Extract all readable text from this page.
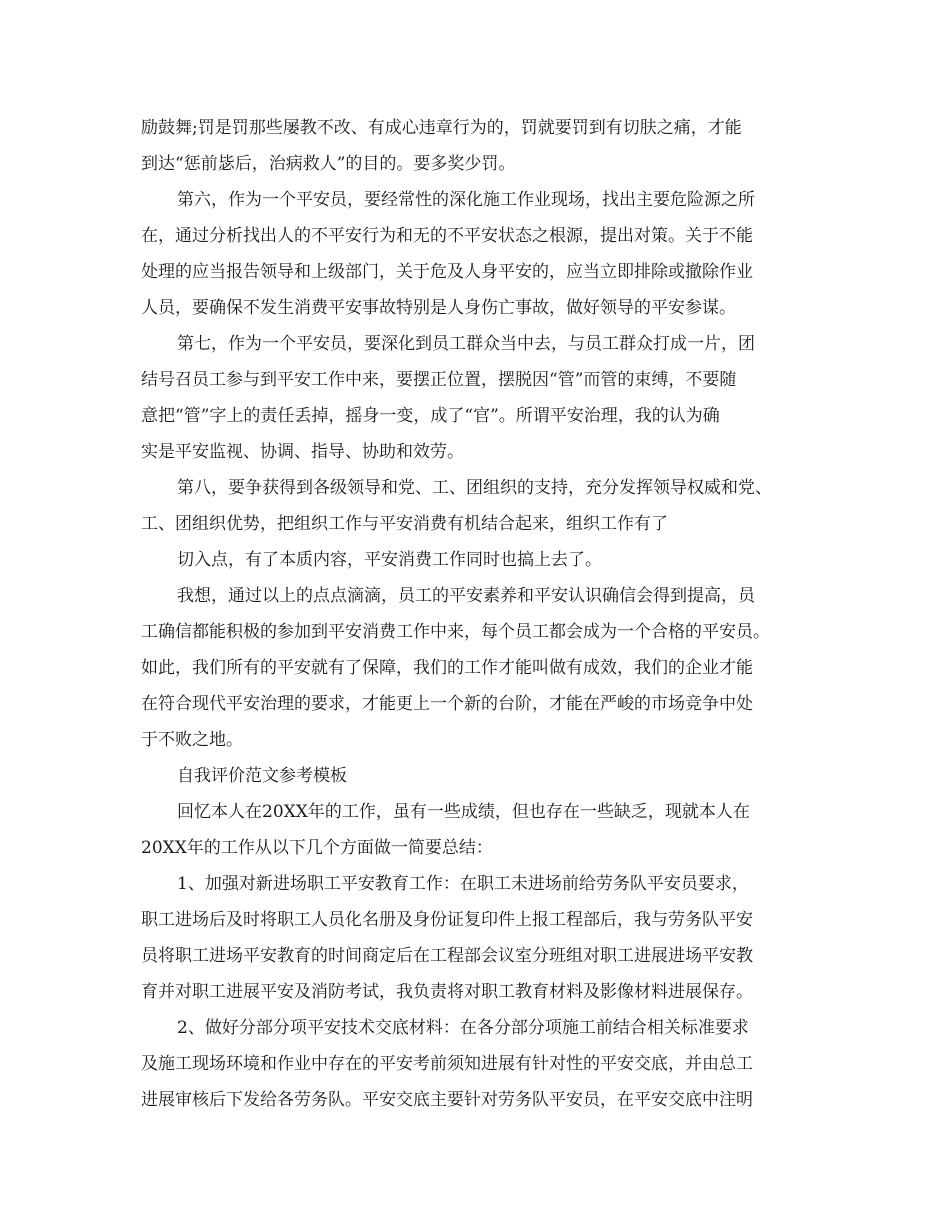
励鼓舞;罚是罚那些屡教不改、有成心违章行为的，罚就要罚到有切肤之痛，才能
到达“惩前毖后，治病救人”的目的。要多奖少罚。
第六，作为一个平安员，要经常性的深化施工作业现场，找出主要危险源之所
在，通过分析找出人的不平安行为和无的不平安状态之根源，提出对策。关于不能
处理的应当报告领导和上级部门，关于危及人身平安的，应当立即排除或撤除作业
人员，要确保不发生消费平安事故特别是人身伤亡事故，做好领导的平安参谋。
第七，作为一个平安员，要深化到员工群众当中去，与员工群众打成一片，团
结号召员工参与到平安工作中来，要摆正位置，摆脱因“管”而管的束缚，不要随
意把“管”字上的责任丢掉，摇身一变，成了“官”。所谓平安治理，我的认为确
实是平安监视、协调、指导、协助和效劳。
第八，要争获得到各级领导和党、工、团组织的支持，充分发挥领导权威和党、
工、团组织优势，把组织工作与平安消费有机结合起来，组织工作有了
切入点，有了本质内容，平安消费工作同时也搞上去了。
我想，通过以上的点点滴滴，员工的平安素养和平安认识确信会得到提高，员
工确信都能积极的参加到平安消费工作中来，每个员工都会成为一个合格的平安员。
如此，我们所有的平安就有了保障，我们的工作才能叫做有成效，我们的企业才能
在符合现代平安治理的要求，才能更上一个新的台阶，才能在严峻的市场竞争中处
于不败之地。
自我评价范文参考模板
回忆本人在20XX年的工作，虽有一些成绩，但也存在一些缺乏，现就本人在
20XX年的工作从以下几个方面做一简要总结：
1、加强对新进场职工平安教育工作：在职工未进场前给劳务队平安员要求，
职工进场后及时将职工人员化名册及身份证复印件上报工程部后，我与劳务队平安
员将职工进场平安教育的时间商定后在工程部会议室分班组对职工进展进场平安教
育并对职工进展平安及消防考试，我负责将对职工教育材料及影像材料进展保存。
2、做好分部分项平安技术交底材料：在各分部分项施工前结合相关标准要求
及施工现场环境和作业中存在的平安考前须知进展有针对性的平安交底，并由总工
进展审核后下发给各劳务队。平安交底主要针对劳务队平安员，在平安交底中注明
